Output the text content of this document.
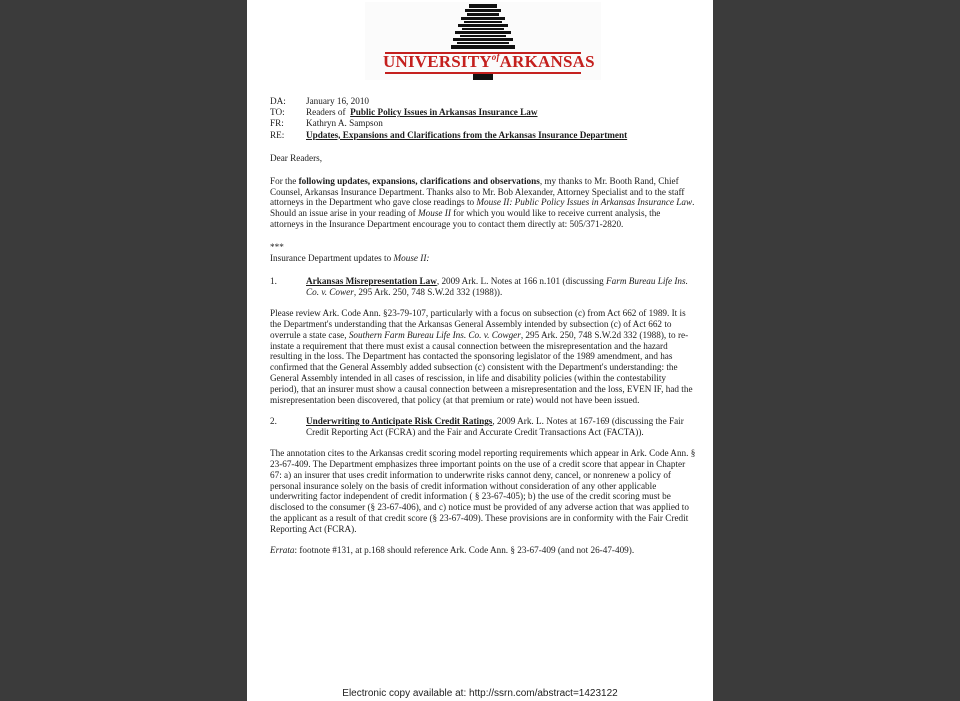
$UNIVERSITY^{of}ARKANSAS$
DA:	January 16, 2010
TO:	Readers of Public Policy Issues in Arkansas Insurance Law
FR:	Kathryn A. Sampson
RE:	Updates, Expansions and Clarifications from the Arkansas Insurance Department

Dear Readers,

For the following updates, expansions, clarifications and observations, my thanks to Mr. Booth Rand, Chief Counsel, Arkansas Insurance Department. Thanks also to Mr. Bob Alexander, Attorney Specialist and to the staff attorneys in the Department who gave close readings to Mouse II: Public Policy Issues in Arkansas Insurance Law. Should an issue arise in your reading of Mouse II for which you would like to receive current analysis, the attorneys in the Insurance Department encourage you to contact them directly at: 505/371-2820.

***

Insurance Department updates to Mouse II:

1.	Arkansas Misrepresentation Law, 2009 Ark. L. Notes at 166 n.101 (discussing Farm Bureau Life Ins. Co. v. Cower, 295 Ark. 250, 748 S.W.2d 332 (1988)).

Please review Ark. Code Ann. §23-79-107, particularly with a focus on subsection (c) from Act 662 of 1989. It is the Department's understanding that the Arkansas General Assembly intended by subsection (c) of Act 662 to overrule a state case, Southern Farm Bureau Life Ins. Co. v. Cowger, 295 Ark. 250, 748 S.W.2d 332 (1988), to re-instate a requirement that there must exist a causal connection between the misrepresentation and the hazard resulting in the loss. The Department has contacted the sponsoring legislator of the 1989 amendment, and has confirmed that the General Assembly added subsection (c) consistent with the Department's understanding: the General Assembly intended in all cases of rescission, in life and disability policies (within the contestability period), that an insurer must show a causal connection between a misrepresentation and the loss, EVEN IF, had the misrepresentation been discovered, that policy (at that premium or rate) would not have been issued.

2.	Underwriting to Anticipate Risk Credit Ratings, 2009 Ark. L. Notes at 167-169 (discussing the Fair Credit Reporting Act (FCRA) and the Fair and Accurate Credit Transactions Act (FACTA)).

The annotation cites to the Arkansas credit scoring model reporting requirements which appear in Ark. Code Ann. § 23-67-409. The Department emphasizes three important points on the use of a credit score that appear in Chapter 67: a) an insurer that uses credit information to underwrite risks cannot deny, cancel, or nonrenew a policy of personal insurance solely on the basis of credit information without consideration of any other applicable underwriting factor independent of credit information ( § 23-67-405); b) the use of the credit scoring must be disclosed to the consumer (§ 23-67-406), and c) notice must be provided of any adverse action that was applied to the applicant as a result of that credit score (§ 23-67-409). These provisions are in conformity with the Fair Credit Reporting Act (FCRA).

Errata: footnote #131, at p.168 should reference Ark. Code Ann. § 23-67-409 (and not 26-47-409).

Electronic copy available at: http://ssrn.com/abstract=1423122
